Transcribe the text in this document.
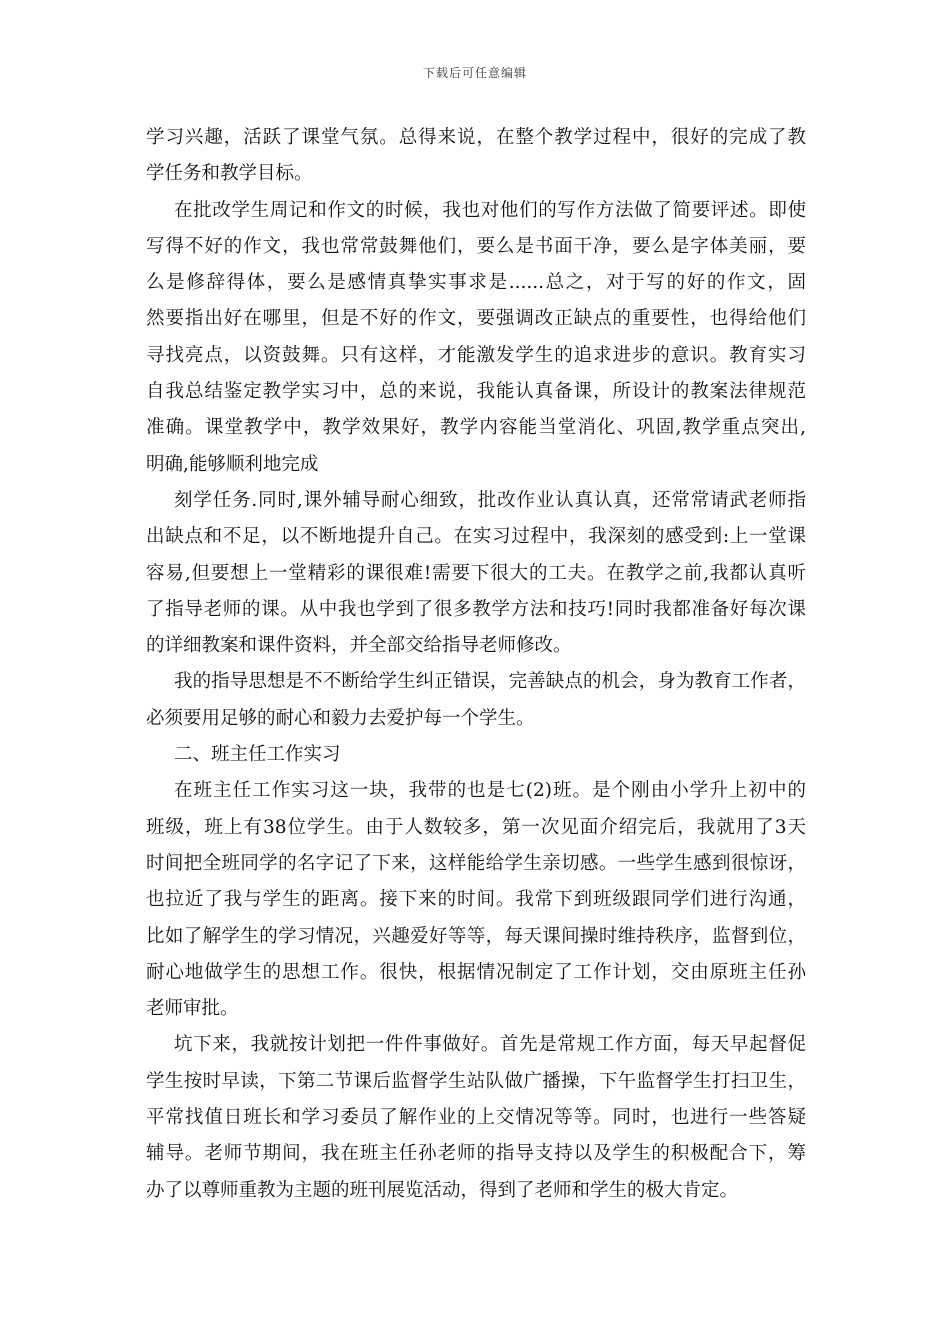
下载后可任意编辑
学习兴趣，活跃了课堂气氛。总得来说，在整个教学过程中，很好的完成了教
学任务和教学目标。
在批改学生周记和作文的时候，我也对他们的写作方法做了简要评述。即使
写得不好的作文，我也常常鼓舞他们，要么是书面干净，要么是字体美丽，要
么是修辞得体，要么是感情真挚实事求是......总之，对于写的好的作文，固
然要指出好在哪里，但是不好的作文，要强调改正缺点的重要性，也得给他们
寻找亮点，以资鼓舞。只有这样，才能激发学生的追求进步的意识。教育实习
自我总结鉴定教学实习中，总的来说，我能认真备课，所设计的教案法律规范
准确。课堂教学中，教学效果好，教学内容能当堂消化、巩固,教学重点突出,
明确,能够顺利地完成
刻学任务.同时,课外辅导耐心细致，批改作业认真认真，还常常请武老师指
出缺点和不足，以不断地提升自己。在实习过程中，我深刻的感受到:上一堂课
容易,但要想上一堂精彩的课很难!需要下很大的工夫。在教学之前,我都认真听
了指导老师的课。从中我也学到了很多教学方法和技巧!同时我都准备好每次课
的详细教案和课件资料，并全部交给指导老师修改。
我的指导思想是不不断给学生纠正错误，完善缺点的机会，身为教育工作者，
必须要用足够的耐心和毅力去爱护每一个学生。
二、班主任工作实习
在班主任工作实习这一块，我带的也是七(2)班。是个刚由小学升上初中的
班级，班上有38位学生。由于人数较多，第一次见面介绍完后，我就用了3天
时间把全班同学的名字记了下来，这样能给学生亲切感。一些学生感到很惊讶，
也拉近了我与学生的距离。接下来的时间。我常下到班级跟同学们进行沟通，
比如了解学生的学习情况，兴趣爱好等等，每天课间操时维持秩序，监督到位，
耐心地做学生的思想工作。很快，根据情况制定了工作计划，交由原班主任孙
老师审批。
坑下来，我就按计划把一件件事做好。首先是常规工作方面，每天早起督促
学生按时早读，下第二节课后监督学生站队做广播操，下午监督学生打扫卫生，
平常找值日班长和学习委员了解作业的上交情况等等。同时，也进行一些答疑
辅导。老师节期间，我在班主任孙老师的指导支持以及学生的积极配合下，筹
办了以尊师重教为主题的班刊展览活动，得到了老师和学生的极大肯定。
